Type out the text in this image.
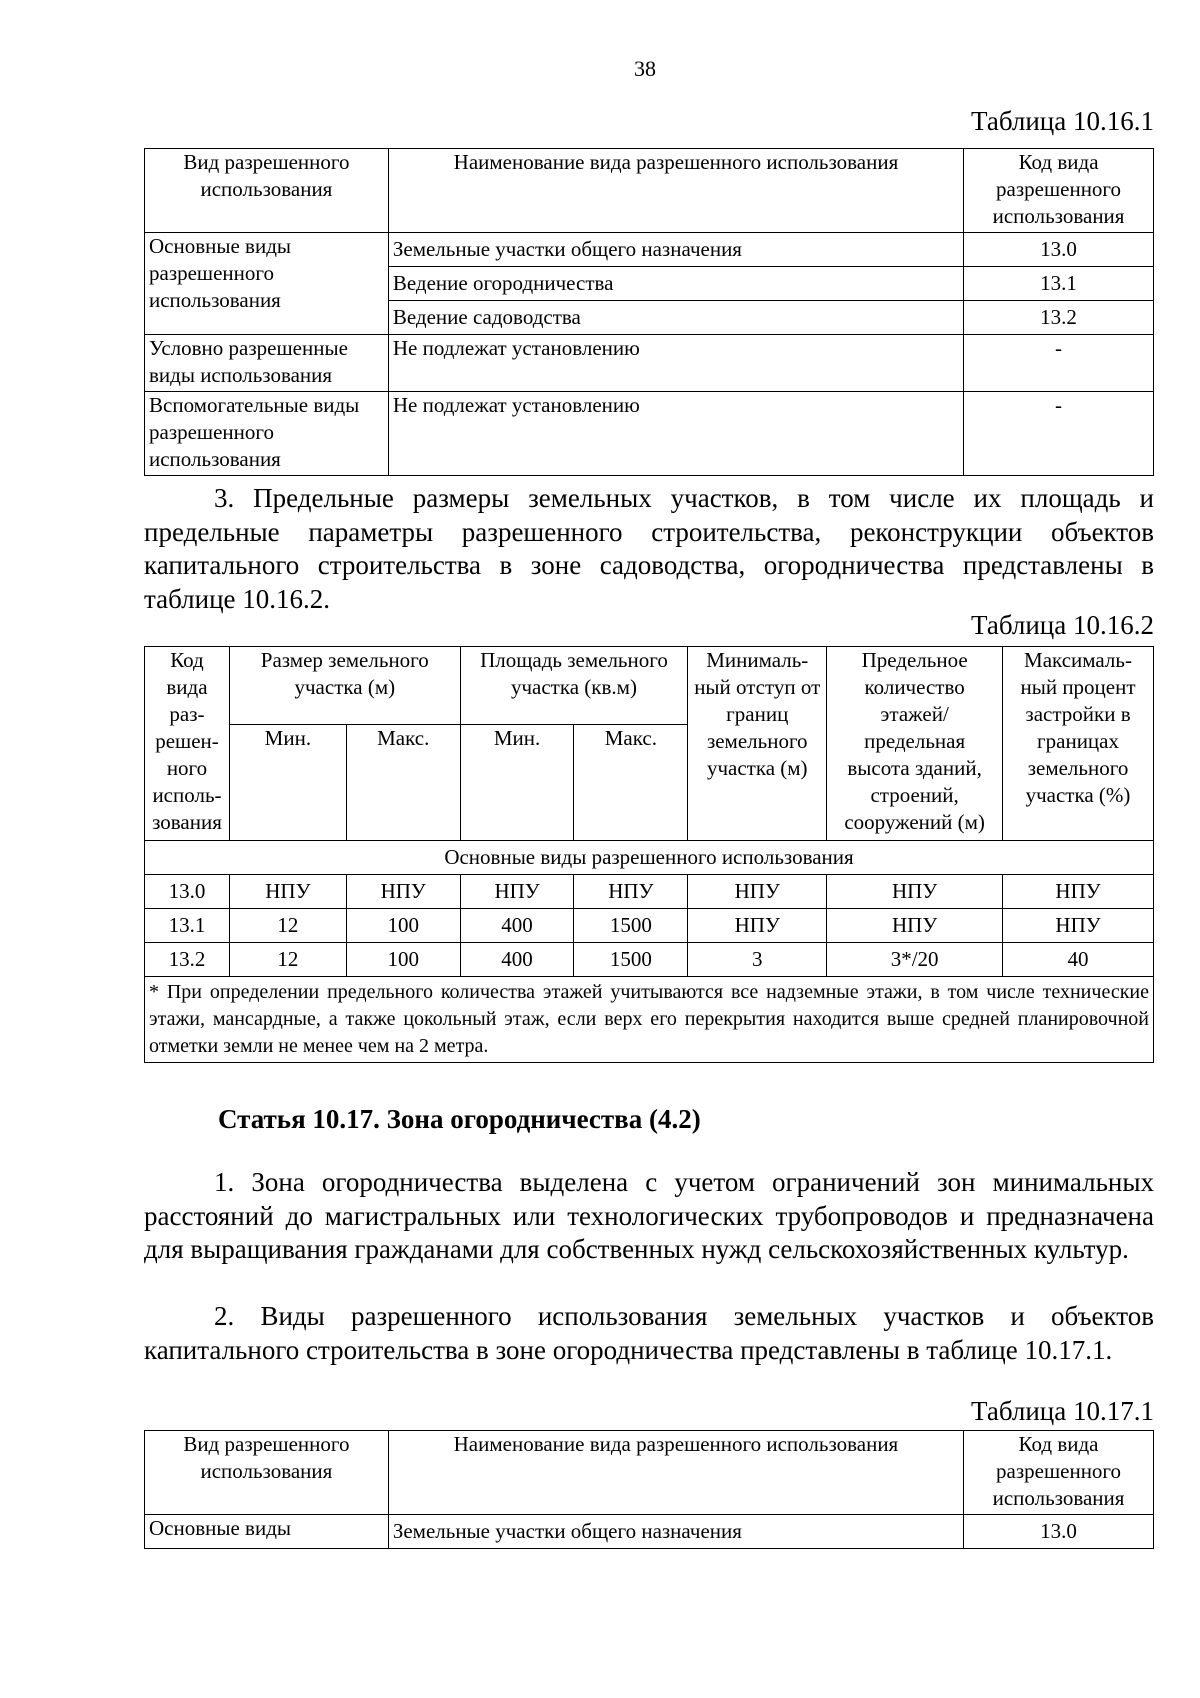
38
Таблица 10.16.1
Вид разрешенного использования	Наименование вида разрешенного использования	Код вида разрешенного использования
Основные виды разрешенного использования	Земельные участки общего назначения	13.0
	Ведение огородничества	13.1
	Ведение садоводства	13.2
Условно разрешенные виды использования	Не подлежат установлению	-
Вспомогательные виды разрешенного использования	Не подлежат установлению	-
3. Предельные размеры земельных участков, в том числе их площадь и предельные параметры разрешенного строительства, реконструкции объектов капитального строительства в зоне садоводства, огородничества представлены в таблице 10.16.2.
Таблица 10.16.2
Код вида раз- решен- ного исполь- зования	Размер земельного участка (м)		Площадь земельного участка (кв.м)		Минималь- ный отступ от границ земельного участка (м)	Предельное количество этажей/ предельная высота зданий, строений, сооружений (м)	Максималь- ный процент застройки в границах земельного участка (%)
	Мин.	Макс.	Мин.	Макс.			
Основные виды разрешенного использования							
13.0	НПУ	НПУ	НПУ	НПУ	НПУ	НПУ	НПУ
13.1	12	100	400	1500	НПУ	НПУ	НПУ
13.2	12	100	400	1500	3	3*/20	40
* При определении предельного количества этажей учитываются все надземные этажи, в том числе технические этажи, мансардные, а также цокольный этаж, если верх его перекрытия находится выше средней планировочной отметки земли не менее чем на 2 метра.							
Статья 10.17. Зона огородничества (4.2)
1. Зона огородничества выделена с учетом ограничений зон минимальных расстояний до магистральных или технологических трубопроводов и предназначена для выращивания гражданами для собственных нужд сельскохозяйственных культур.
2. Виды разрешенного использования земельных участков и объектов капитального строительства в зоне огородничества представлены в таблице 10.17.1.
Таблица 10.17.1
Вид разрешенного использования	Наименование вида разрешенного использования	Код вида разрешенного использования
Основные виды	Земельные участки общего назначения	13.0
